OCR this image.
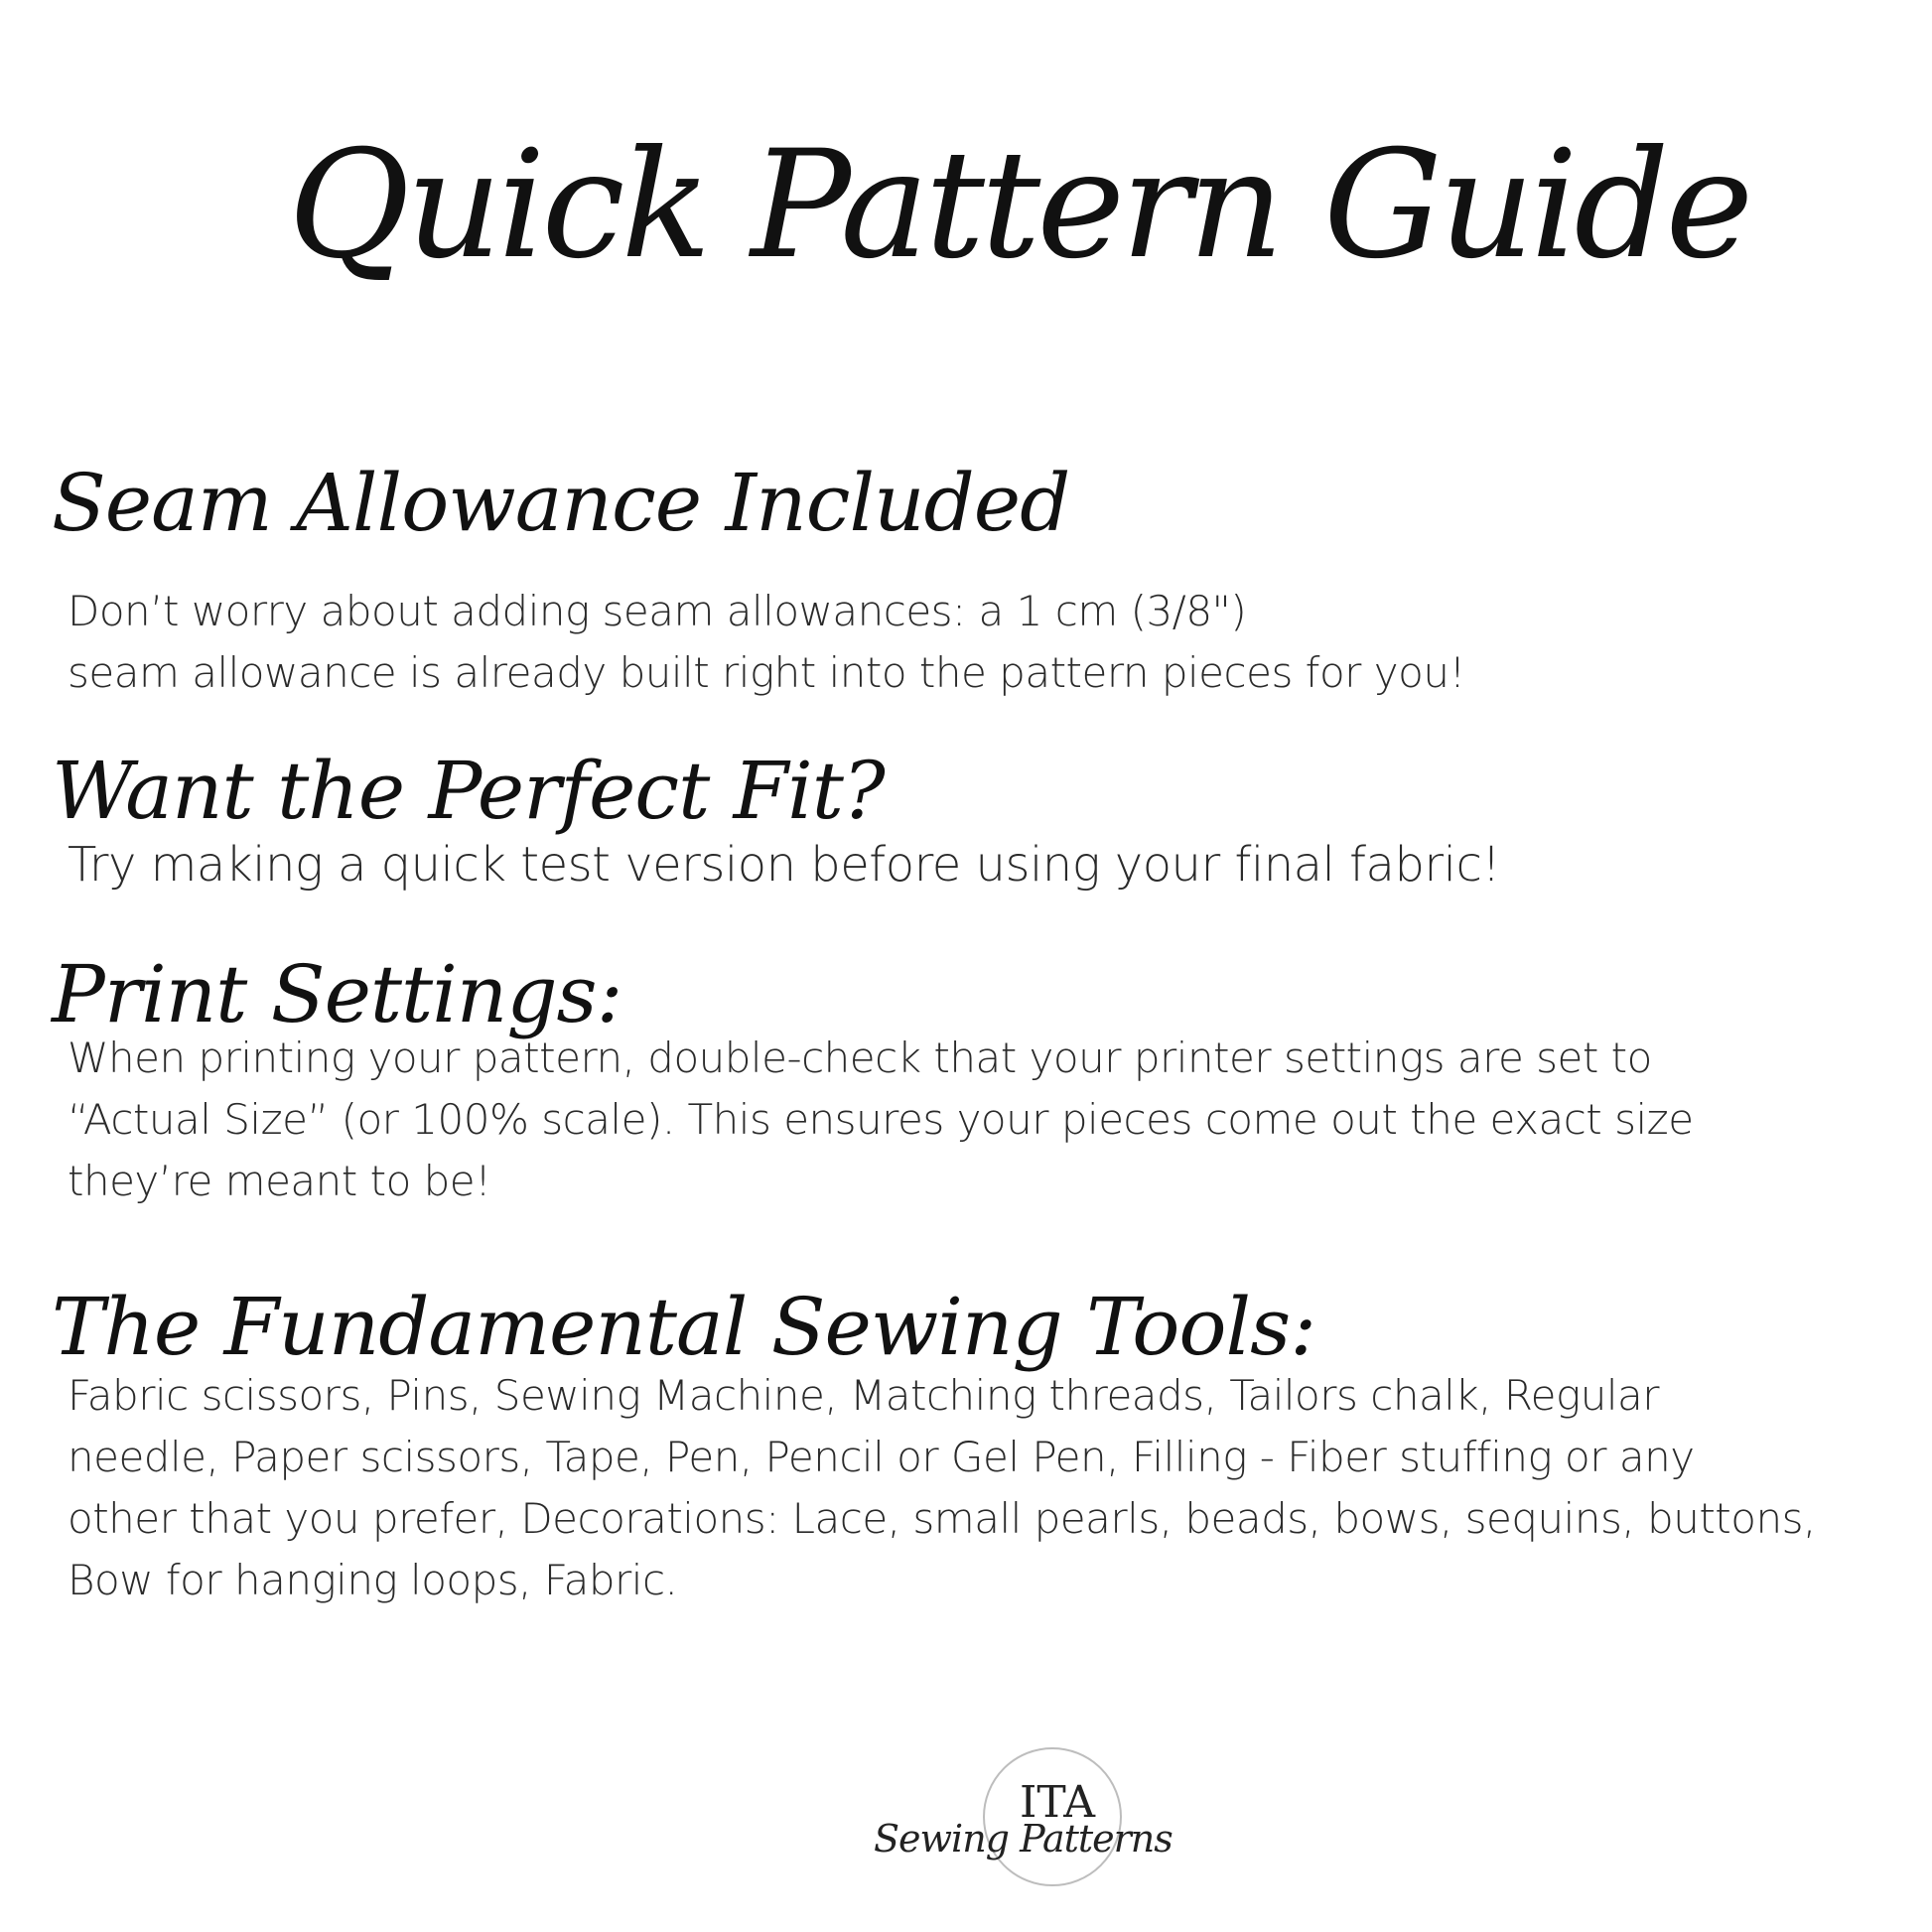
Quick Pattern Guide
Seam Allowance Included

Don’t worry about adding seam allowances: a 1 cm (3/8")
seam allowance is already built right into the pattern pieces for you!

Want the Perfect Fit?

Try making a quick test version before using your final fabric!

Print Settings:

When printing your pattern, double-check that your printer settings are set to
“Actual Size” (or 100% scale). This ensures your pieces come out the exact size
they’re meant to be!

The Fundamental Sewing Tools:

Fabric scissors, Pins, Sewing Machine, Matching threads, Tailors chalk, Regular
needle, Paper scissors, Tape, Pen, Pencil or Gel Pen, Filling - Fiber stuffing or any
other that you prefer, Decorations: Lace, small pearls, beads, bows, sequins, buttons,
Bow for hanging loops, Fabric.

ITA
Sewing Patterns
